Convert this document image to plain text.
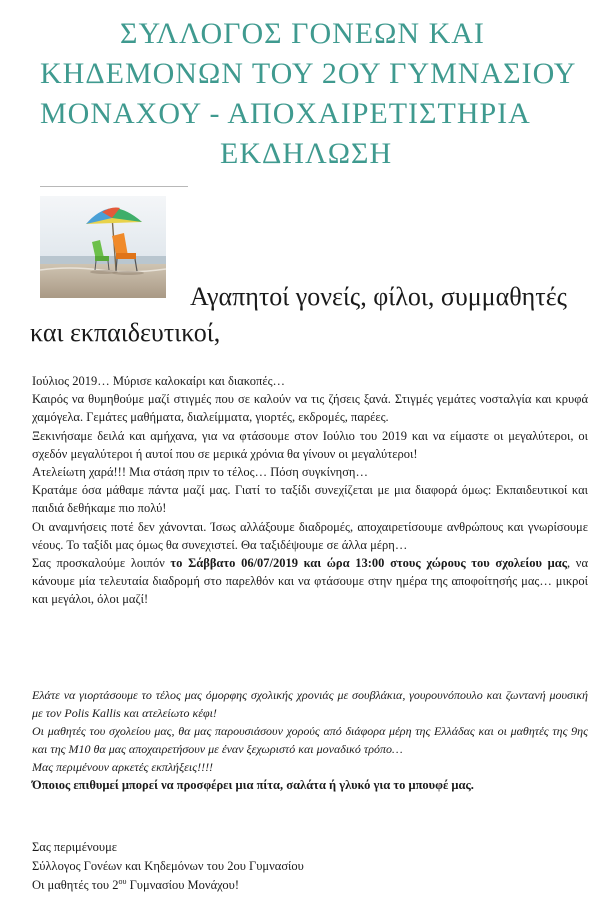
ΣΥΛΛΟΓΟΣ ΓΟΝΕΩΝ ΚΑΙ
ΚΗΔΕΜΟΝΩΝ ΤΟΥ 2ΟΥ ΓΥΜΝΑΣΙΟΥ
ΜΟΝΑΧΟΥ - ΑΠΟΧΑΙΡΕΤΙΣΤΗΡΙΑ
ΕΚΔΗΛΩΣΗ
Αγαπητοί γονείς, φίλοι, συμμαθητές
και εκπαιδευτικοί,

Ιούλιος 2019… Μύρισε καλοκαίρι και διακοπές…

Καιρός να θυμηθούμε μαζί στιγμές που σε καλούν να τις ζήσεις ξανά. Στιγμές γεμάτες νοσταλγία και κρυφά χαμόγελα. Γεμάτες μαθήματα, διαλείμματα, γιορτές, εκδρομές, παρέες.

Ξεκινήσαμε δειλά και αμήχανα, για να φτάσουμε στον Ιούλιο του 2019 και να είμαστε οι μεγαλύτεροι, οι σχεδόν μεγαλύτεροι ή αυτοί που σε μερικά χρόνια θα γίνουν οι μεγαλύτεροι!

Ατελείωτη χαρά!!! Μια στάση πριν το τέλος… Πόση συγκίνηση…

Κρατάμε όσα μάθαμε πάντα μαζί μας. Γιατί το ταξίδι συνεχίζεται με μια διαφορά όμως: Εκπαιδευτικοί και παιδιά δεθήκαμε πιο πολύ!

Οι αναμνήσεις ποτέ δεν χάνονται. Ίσως αλλάξουμε διαδρομές, αποχαιρετίσουμε ανθρώπους και γνωρίσουμε νέους. Το ταξίδι μας όμως θα συνεχιστεί. Θα ταξιδέψουμε σε άλλα μέρη…

Σας προσκαλούμε λοιπόν το Σάββατο 06/07/2019 και ώρα 13:00 στους χώρους του σχολείου μας, να κάνουμε μία τελευταία διαδρομή στο παρελθόν και να φτάσουμε στην ημέρα της αποφοίτησής μας… μικροί και μεγάλοι, όλοι μαζί!

Ελάτε να γιορτάσουμε το τέλος μας όμορφης σχολικής χρονιάς με σουβλάκια, γουρουνόπουλο και ζωντανή μουσική με τον Polis Kallis και ατελείωτο κέφι!

Οι μαθητές του σχολείου μας, θα μας παρουσιάσουν χορούς από διάφορα μέρη της Ελλάδας και οι μαθητές της 9ης και της Μ10 θα μας αποχαιρετήσουν με έναν ξεχωριστό και μοναδικό τρόπο…

Μας περιμένουν αρκετές εκπλήξεις!!!!

Όποιος επιθυμεί μπορεί να προσφέρει μια πίτα, σαλάτα ή γλυκό για το μπουφέ μας.

Σας περιμένουμε

Σύλλογος Γονέων και Κηδεμόνων του 2ου Γυμνασίου

Οι μαθητές του $2^{o\upsilon}$ Γυμνασίου Μονάχου!
